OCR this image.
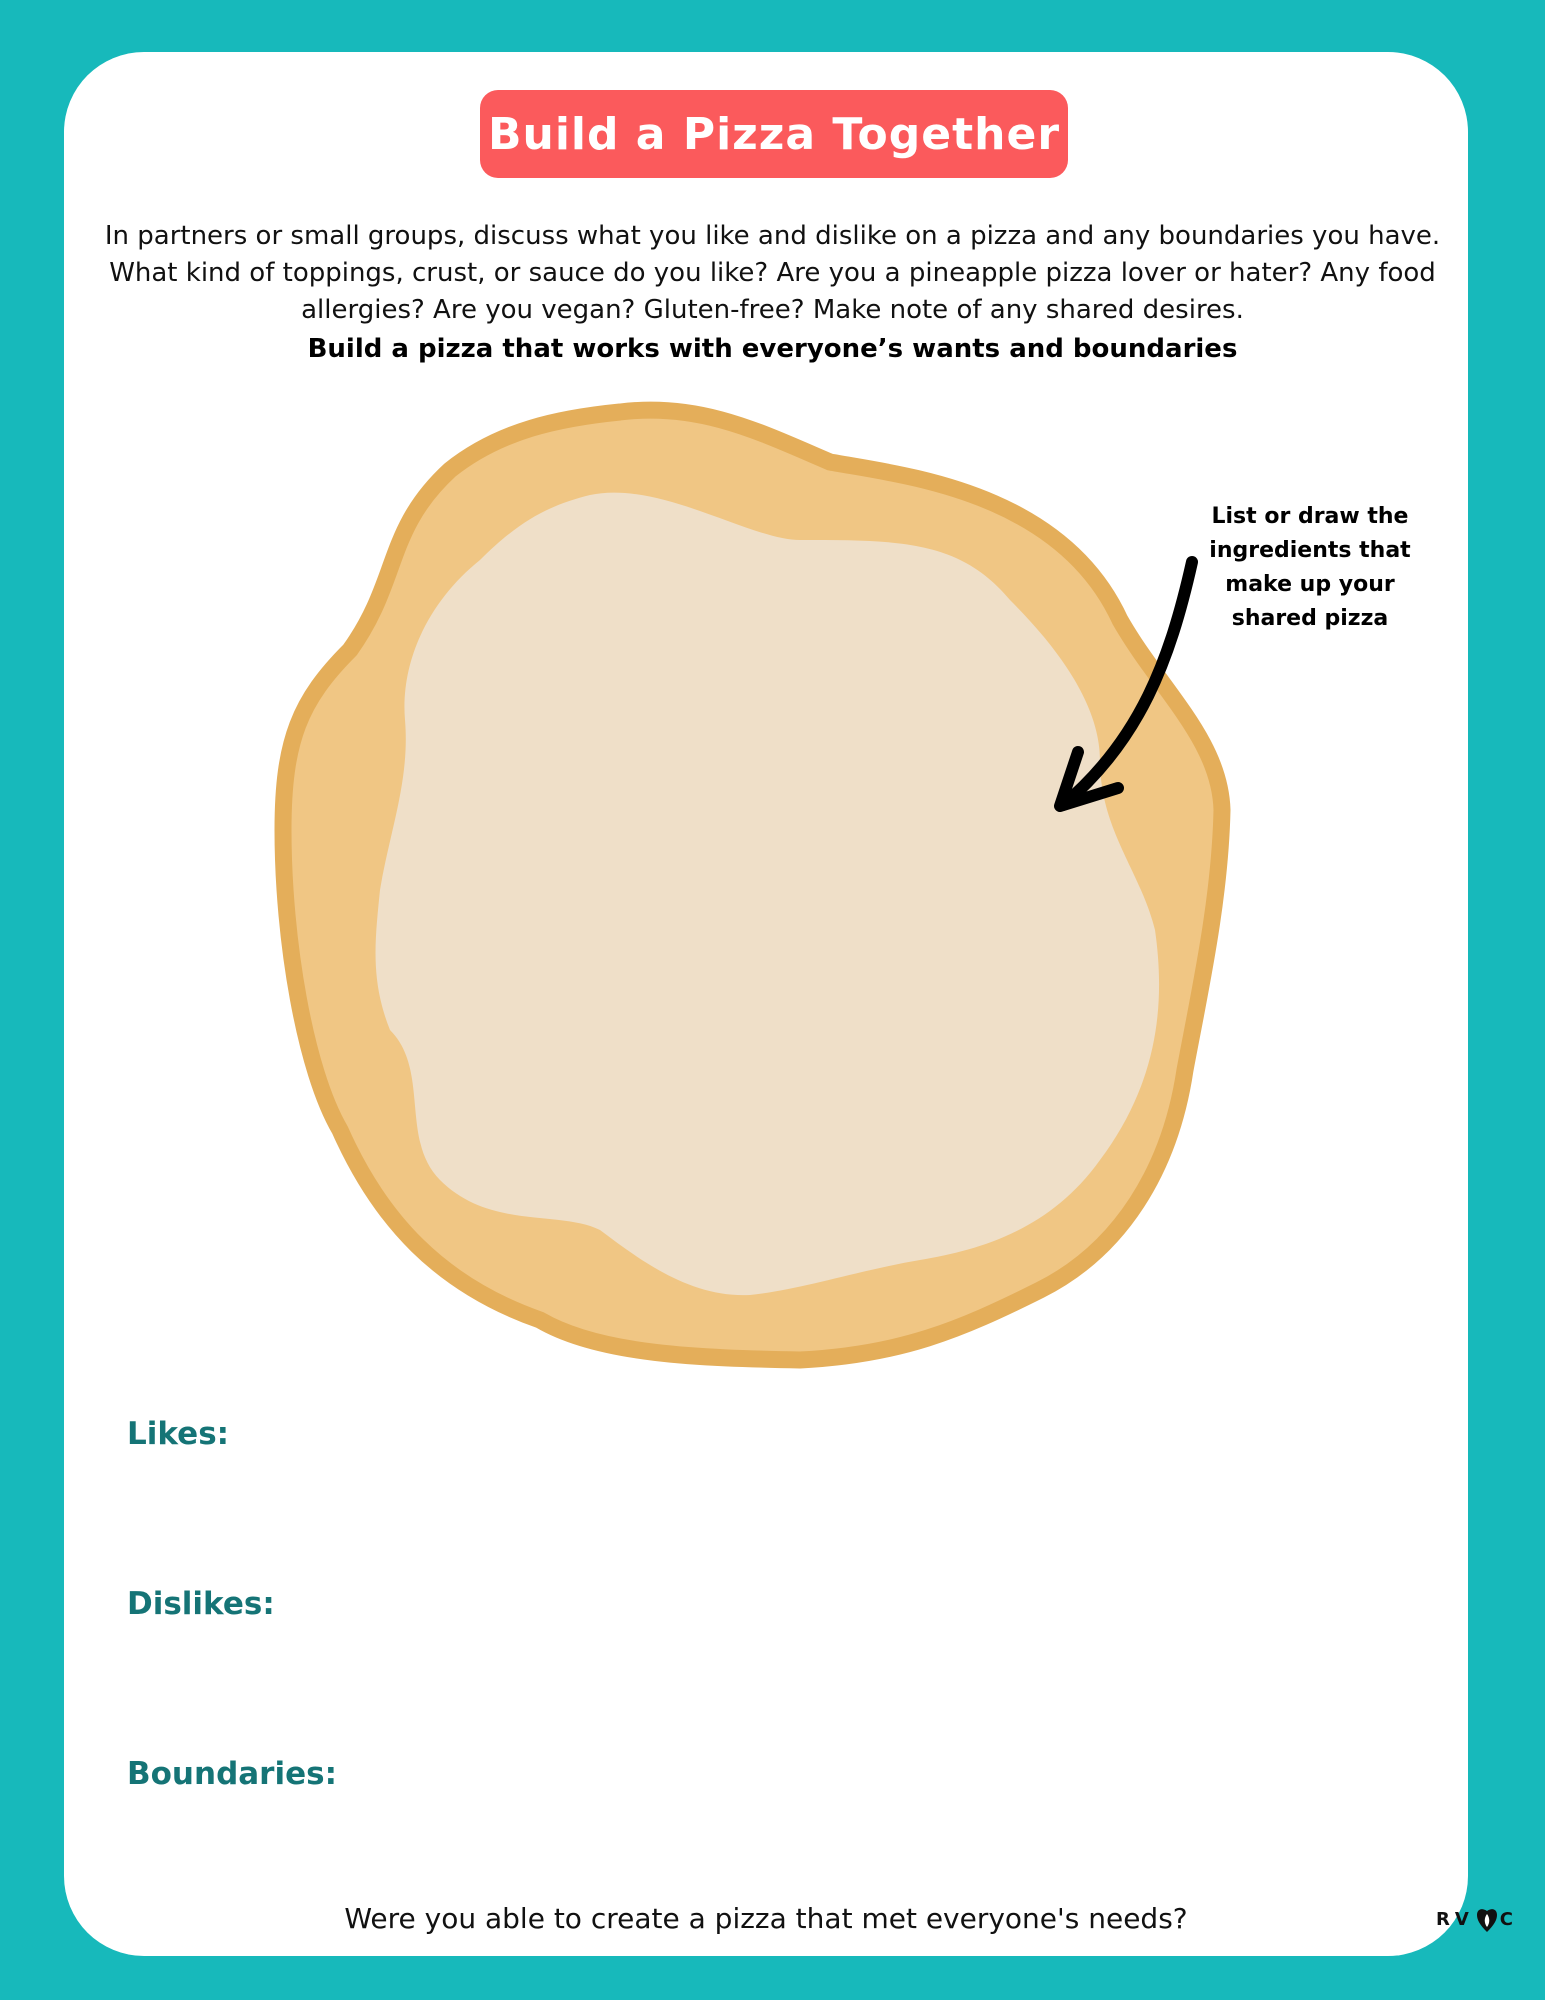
Build a Pizza Together
In partners or small groups, discuss what you like and dislike on a pizza and any boundaries you have. What kind of toppings, crust, or sauce do you like? Are you a pineapple pizza lover or hater? Any food allergies? Are you vegan? Gluten-free? Make note of any shared desires.
Build a pizza that works with everyone’s wants and boundaries
List or draw the ingredients that make up your shared pizza
Likes:
Dislikes:
Boundaries:
Were you able to create a pizza that met everyone's needs?	RV C
